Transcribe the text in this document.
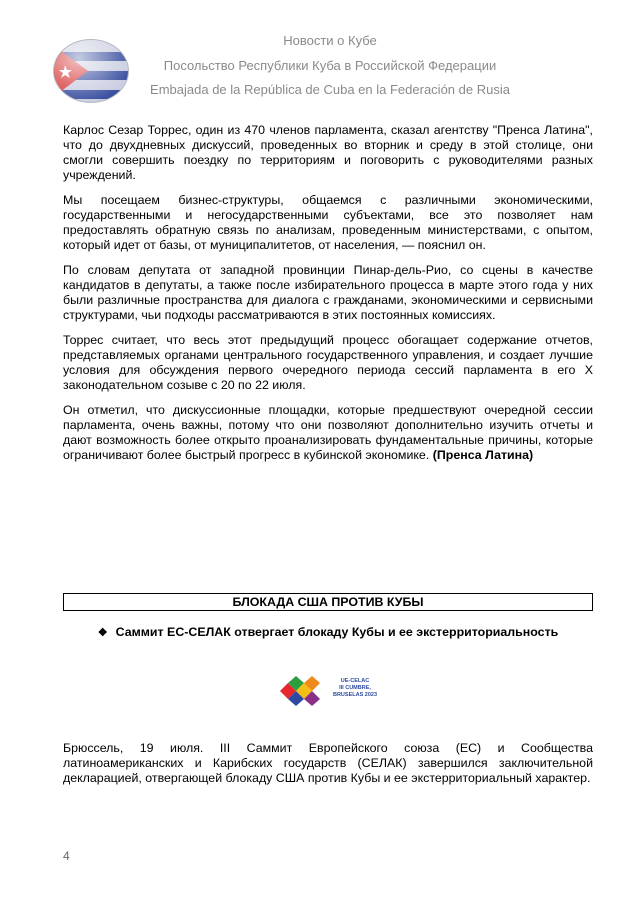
Новости о Кубе
Посольство Республики Куба в Российской Федерации
Embajada de la República de Cuba en la Federación de Rusia

Карлос Сезар Торрес, один из 470 членов парламента, сказал агентству "Пренса Латина", что до двухдневных дискуссий, проведенных во вторник и среду в этой столице, они смогли совершить поездку по территориям и поговорить с руководителями разных учреждений.

Мы посещаем бизнес-структуры, общаемся с различными экономическими, государственными и негосударственными субъектами, все это позволяет нам предоставлять обратную связь по анализам, проведенным министерствами, с опытом, который идет от базы, от муниципалитетов, от населения, — пояснил он.

По словам депутата от западной провинции Пинар-дель-Рио, со сцены в качестве кандидатов в депутаты, а также после избирательного процесса в марте этого года у них были различные пространства для диалога с гражданами, экономическими и сервисными структурами, чьи подходы рассматриваются в этих постоянных комиссиях.

Торрес считает, что весь этот предыдущий процесс обогащает содержание отчетов, представляемых органами центрального государственного управления, и создает лучшие условия для обсуждения первого очередного периода сессий парламента в его X законодательном созыве с 20 по 22 июля.

Он отметил, что дискуссионные площадки, которые предшествуют очередной сессии парламента, очень важны, потому что они позволяют дополнительно изучить отчеты и дают возможность более открыто проанализировать фундаментальные причины, которые ограничивают более быстрый прогресс в кубинской экономике. (Пренса Латина)

БЛОКАДА США ПРОТИВ КУБЫ
❖ Саммит ЕС-СЕЛАК отвергает блокаду Кубы и ее экстерриториальность
UE-CELAC
III CUMBRE,
BRUSELAS 2023

Брюссель, 19 июля. III Саммит Европейского союза (ЕС) и Сообщества латиноамериканских и Карибских государств (СЕЛАК) завершился заключительной декларацией, отвергающей блокаду США против Кубы и ее экстерриториальный характер.

4
